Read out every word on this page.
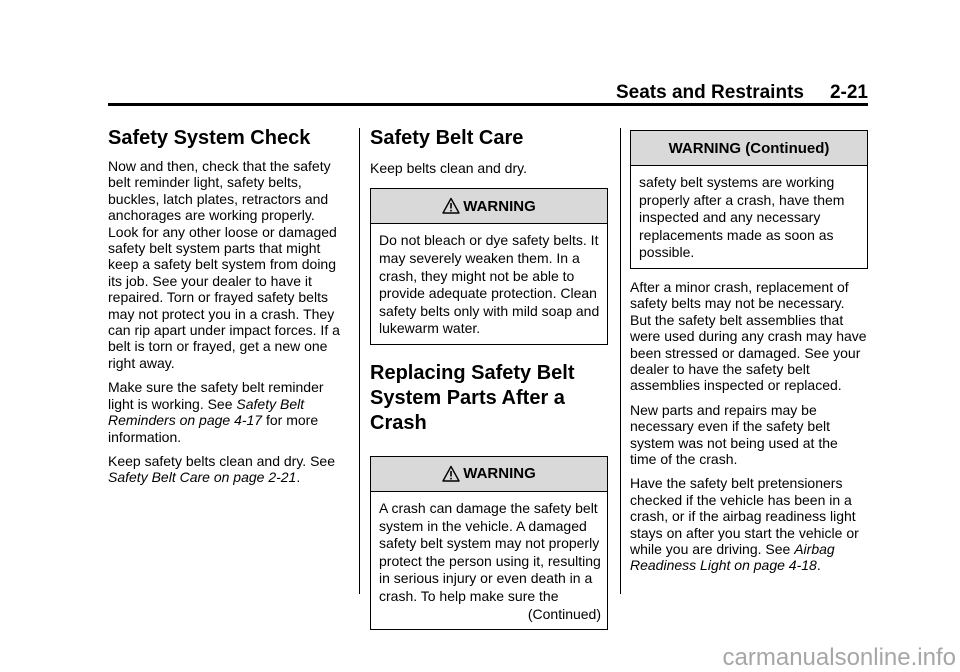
Seats and Restraints 2-21
Safety System Check

Now and then, check that the safety belt reminder light, safety belts, buckles, latch plates, retractors and anchorages are working properly. Look for any other loose or damaged safety belt system parts that might keep a safety belt system from doing its job. See your dealer to have it repaired. Torn or frayed safety belts may not protect you in a crash. They can rip apart under impact forces. If a belt is torn or frayed, get a new one right away.

Make sure the safety belt reminder light is working. See Safety Belt Reminders on page 4-17 for more information.

Keep safety belts clean and dry. See Safety Belt Care on page 2-21.

Safety Belt Care

Keep belts clean and dry.

WARNING

Do not bleach or dye safety belts. It may severely weaken them. In a crash, they might not be able to provide adequate protection. Clean safety belts only with mild soap and lukewarm water.

Replacing Safety Belt System Parts After a Crash
WARNING

A crash can damage the safety belt system in the vehicle. A damaged safety belt system may not properly protect the person using it, resulting in serious injury or even death in a crash. To help make sure the

(Continued)

WARNING (Continued)

safety belt systems are working properly after a crash, have them inspected and any necessary replacements made as soon as possible.

After a minor crash, replacement of safety belts may not be necessary. But the safety belt assemblies that were used during any crash may have been stressed or damaged. See your dealer to have the safety belt assemblies inspected or replaced.

New parts and repairs may be necessary even if the safety belt system was not being used at the time of the crash.

Have the safety belt pretensioners checked if the vehicle has been in a crash, or if the airbag readiness light stays on after you start the vehicle or while you are driving. See Airbag Readiness Light on page 4-18.

carmanualsonline.info
